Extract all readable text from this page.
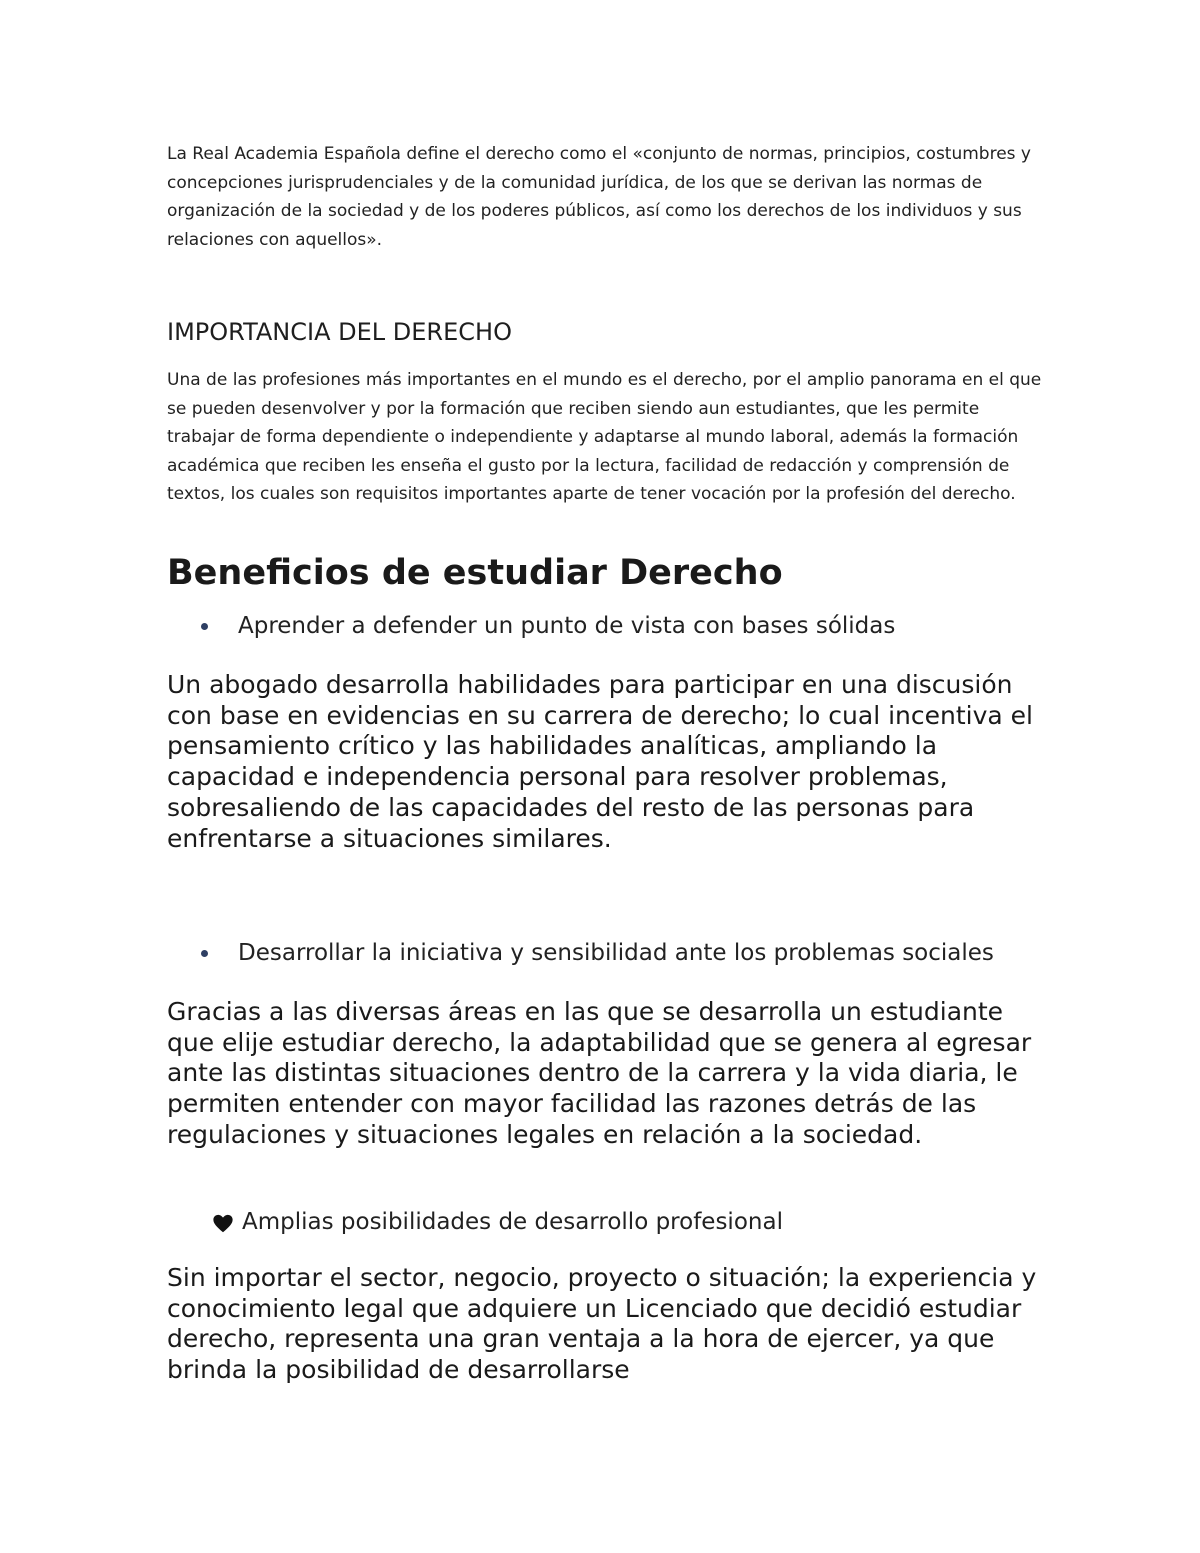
La Real Academia Española define el derecho como el «conjunto de normas, principios, costumbres y concepciones jurisprudenciales y de la comunidad jurídica, de los que se derivan las normas de organización de la sociedad y de los poderes públicos, así como los derechos de los individuos y sus relaciones con aquellos».

IMPORTANCIA DEL DERECHO

Una de las profesiones más importantes en el mundo es el derecho, por el amplio panorama en el que se pueden desenvolver y por la formación que reciben siendo aun estudiantes, que les permite trabajar de forma dependiente o independiente y adaptarse al mundo laboral, además la formación académica que reciben les enseña el gusto por la lectura, facilidad de redacción y comprensión de textos, los cuales son requisitos importantes aparte de tener vocación por la profesión del derecho.

Beneficios de estudiar Derecho
Aprender a defender un punto de vista con bases sólidas

Un abogado desarrolla habilidades para participar en una discusión con base en evidencias en su carrera de derecho; lo cual incentiva el pensamiento crítico y las habilidades analíticas, ampliando la capacidad e independencia personal para resolver problemas, sobresaliendo de las capacidades del resto de las personas para enfrentarse a situaciones similares.

Desarrollar la iniciativa y sensibilidad ante los problemas sociales

Gracias a las diversas áreas en las que se desarrolla un estudiante que elije estudiar derecho, la adaptabilidad que se genera al egresar ante las distintas situaciones dentro de la carrera y la vida diaria, le permiten entender con mayor facilidad las razones detrás de las regulaciones y situaciones legales en relación a la sociedad.

Amplias posibilidades de desarrollo profesional

Sin importar el sector, negocio, proyecto o situación; la experiencia y conocimiento legal que adquiere un Licenciado que decidió estudiar derecho, representa una gran ventaja a la hora de ejercer, ya que brinda la posibilidad de desarrollarse
